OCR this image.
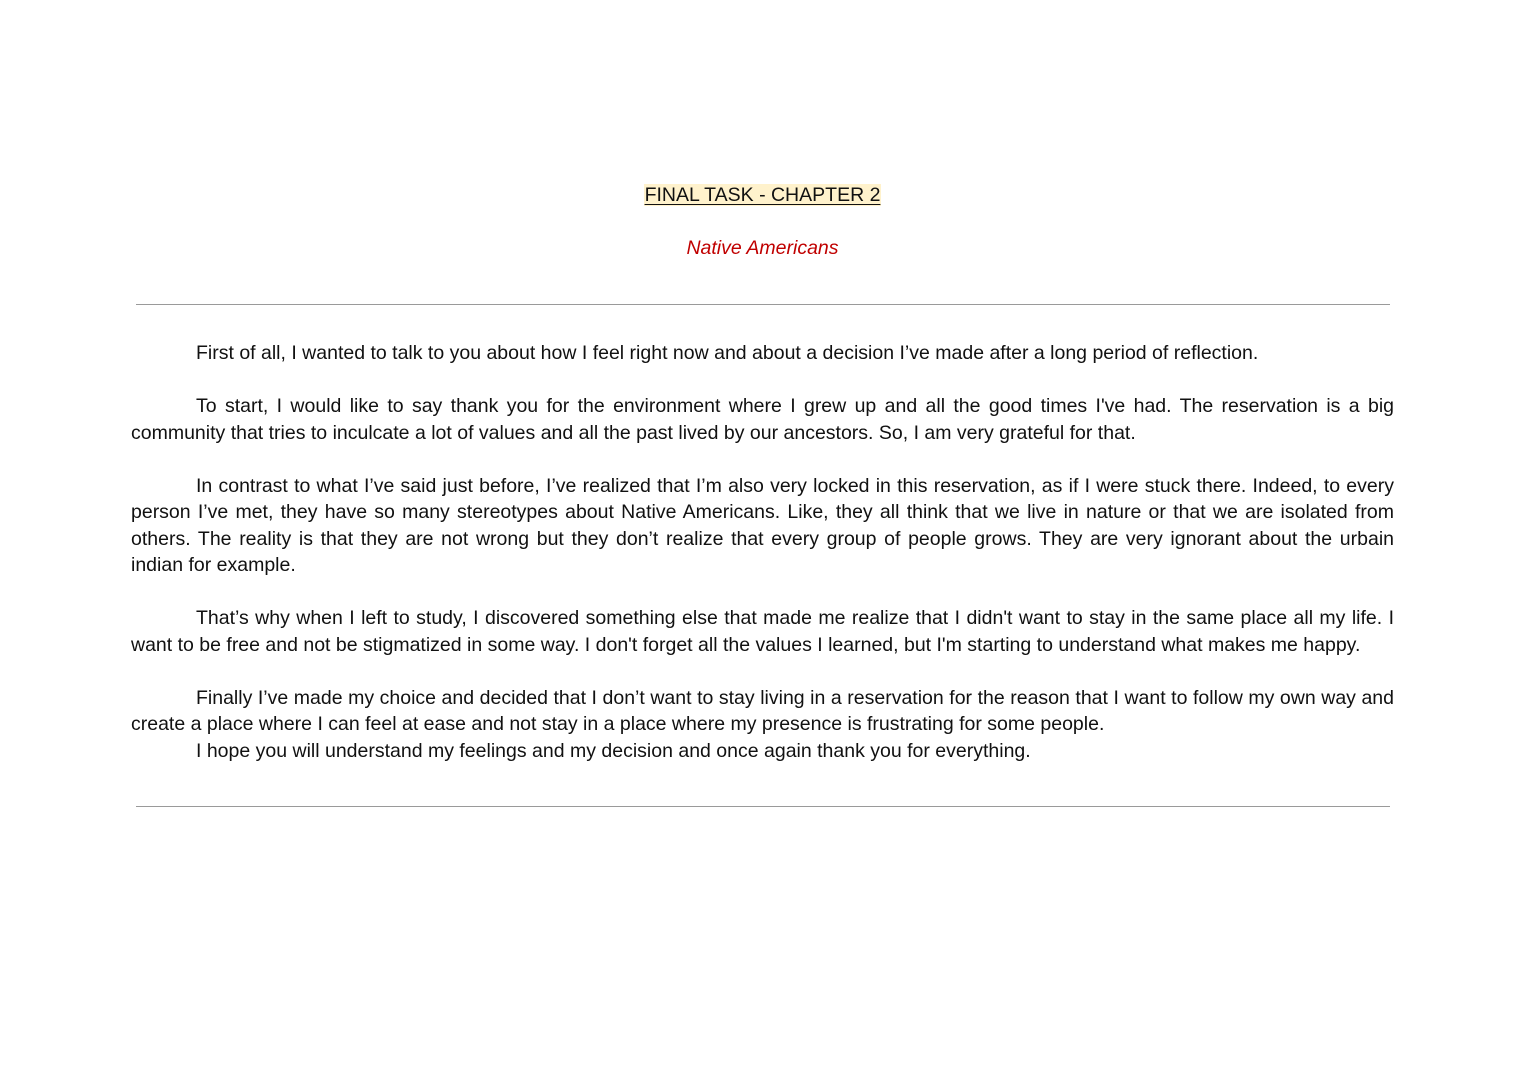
FINAL TASK - CHAPTER 2
Native Americans

First of all, I wanted to talk to you about how I feel right now and about a decision I’ve made after a long period of reflection.

To start, I would like to say thank you for the environment where I grew up and all the good times I've had. The reservation is a big community that tries to inculcate a lot of values and all the past lived by our ancestors. So, I am very grateful for that.

In contrast to what I’ve said just before, I’ve realized that I’m also very locked in this reservation, as if I were stuck there. Indeed, to every person I’ve met, they have so many stereotypes about Native Americans. Like, they all think that we live in nature or that we are isolated from others. The reality is that they are not wrong but they don’t realize that every group of people grows. They are very ignorant about the urbain indian for example.

That’s why when I left to study, I discovered something else that made me realize that I didn't want to stay in the same place all my life. I want to be free and not be stigmatized in some way. I don't forget all the values I learned, but I'm starting to understand what makes me happy.

Finally I’ve made my choice and decided that I don’t want to stay living in a reservation for the reason that I want to follow my own way and create a place where I can feel at ease and not stay in a place where my presence is frustrating for some people.

I hope you will understand my feelings and my decision and once again thank you for everything.
